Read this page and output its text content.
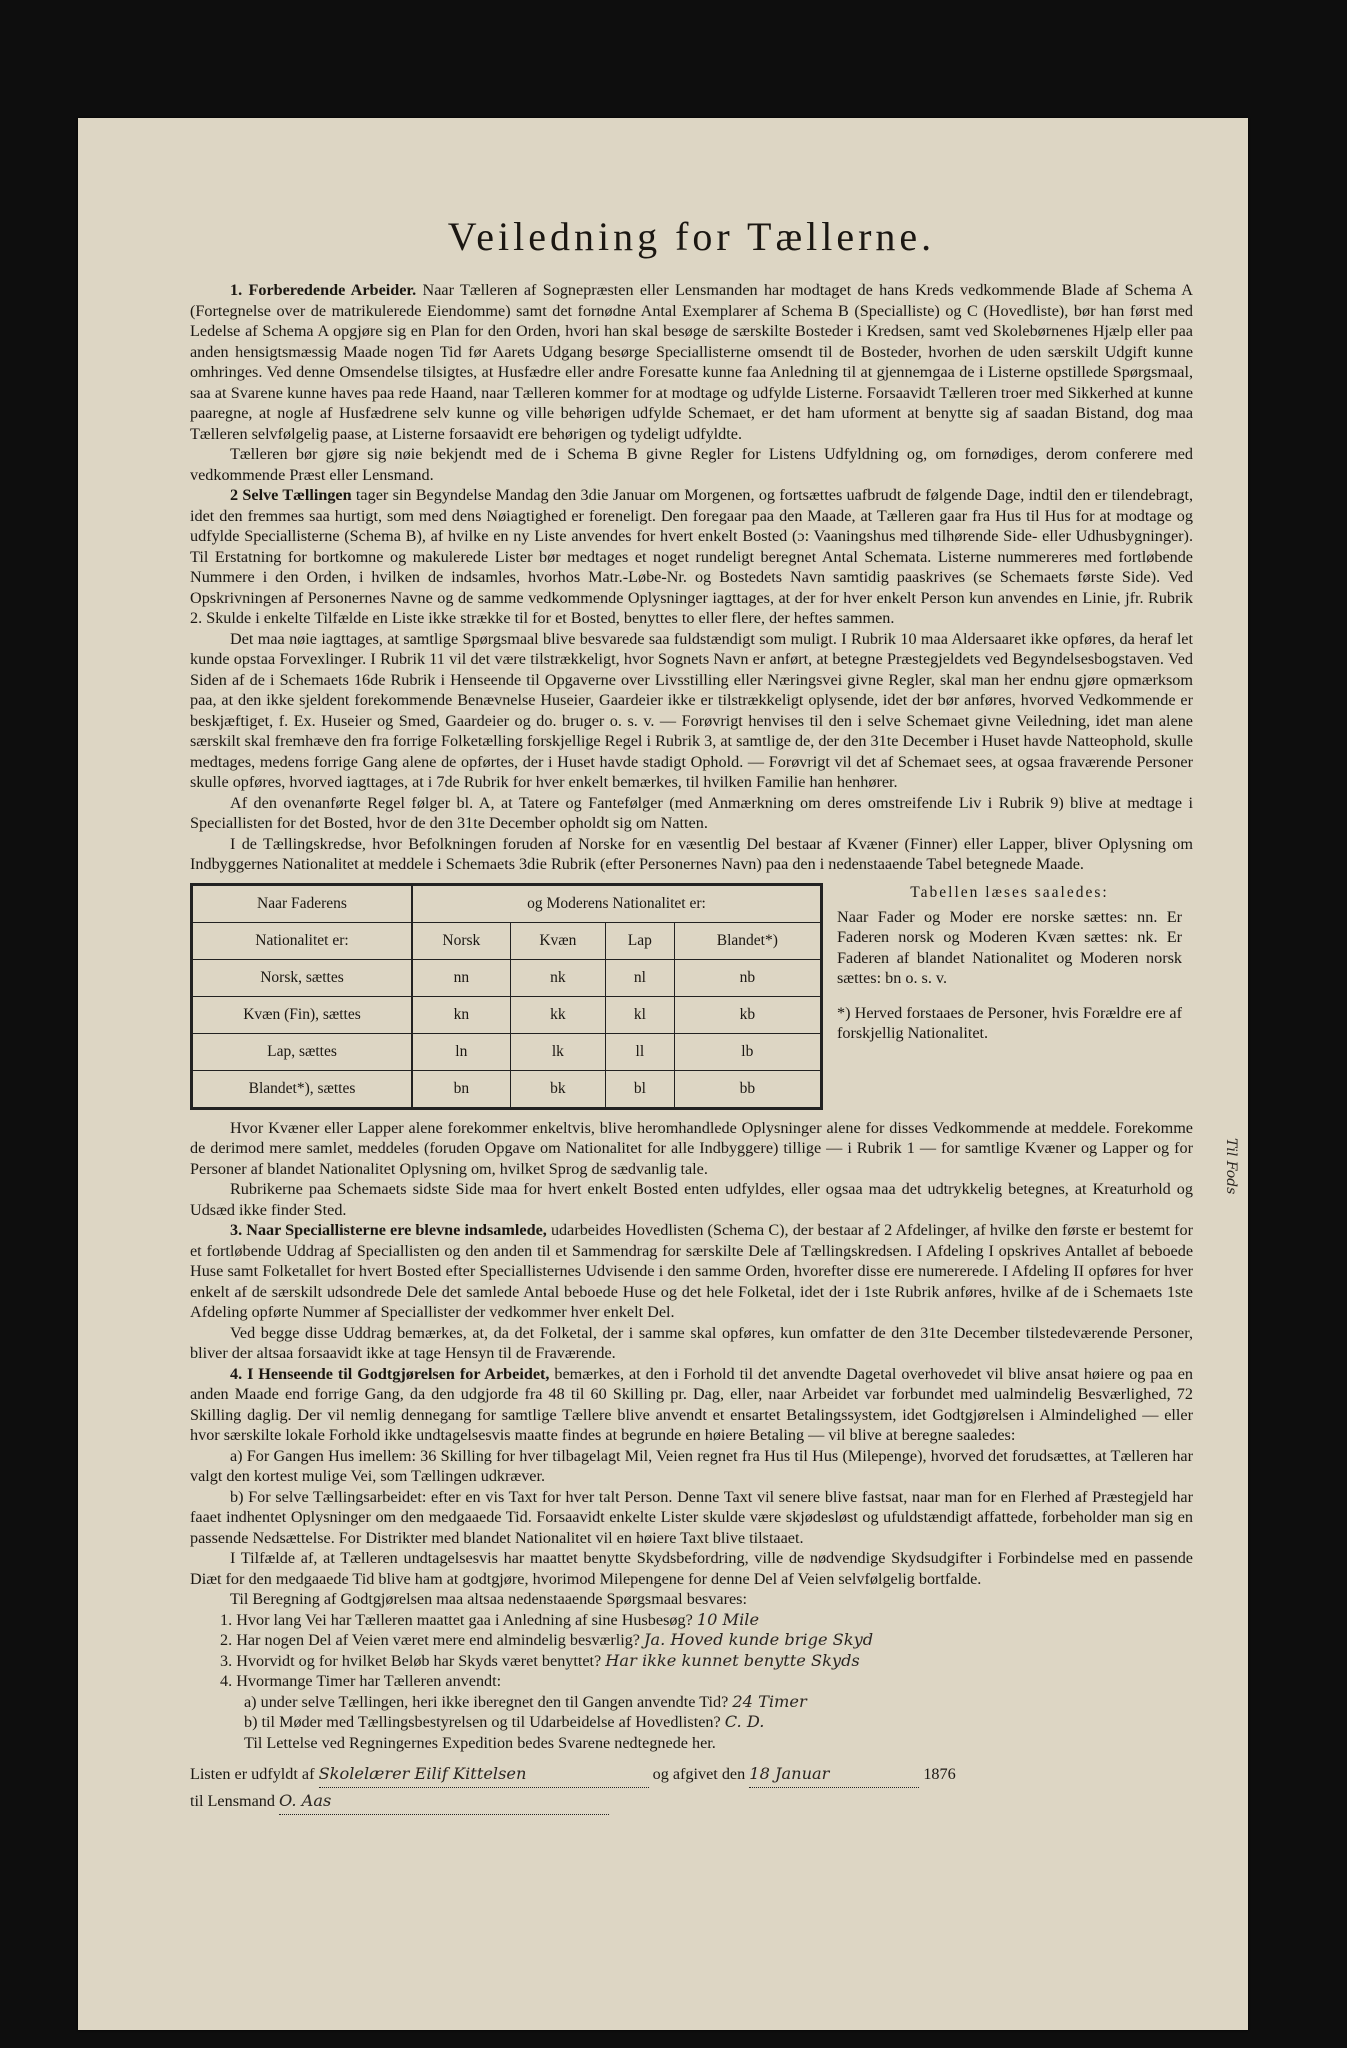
Veiledning for Tællerne.

1. Forberedende Arbeider. Naar Tælleren af Sognepræsten eller Lensmanden har modtaget de hans Kreds vedkommende Blade af Schema A (Fortegnelse over de matrikulerede Eiendomme) samt det fornødne Antal Exemplarer af Schema B (Specialliste) og C (Hovedliste), bør han først med Ledelse af Schema A opgjøre sig en Plan for den Orden, hvori han skal besøge de særskilte Bosteder i Kredsen, samt ved Skolebørnenes Hjælp eller paa anden hensigtsmæssig Maade nogen Tid før Aarets Udgang besørge Speciallisterne omsendt til de Bosteder, hvorhen de uden særskilt Udgift kunne omhringes. Ved denne Omsendelse tilsigtes, at Husfædre eller andre Foresatte kunne faa Anledning til at gjennemgaa de i Listerne opstillede Spørgsmaal, saa at Svarene kunne haves paa rede Haand, naar Tælleren kommer for at modtage og udfylde Listerne. Forsaavidt Tælleren troer med Sikkerhed at kunne paaregne, at nogle af Husfædrene selv kunne og ville behørigen udfylde Schemaet, er det ham uforment at benytte sig af saadan Bistand, dog maa Tælleren selvfølgelig paase, at Listerne forsaavidt ere behørigen og tydeligt udfyldte.

Tælleren bør gjøre sig nøie bekjendt med de i Schema B givne Regler for Listens Udfyldning og, om fornødiges, derom conferere med vedkommende Præst eller Lensmand.

2 Selve Tællingen tager sin Begyndelse Mandag den 3die Januar om Morgenen, og fortsættes uafbrudt de følgende Dage, indtil den er tilendebragt, idet den fremmes saa hurtigt, som med dens Nøiagtighed er foreneligt. Den foregaar paa den Maade, at Tælleren gaar fra Hus til Hus for at modtage og udfylde Speciallisterne (Schema B), af hvilke en ny Liste anvendes for hvert enkelt Bosted (ɔ: Vaaningshus med tilhørende Side- eller Udhusbygninger). Til Erstatning for bortkomne og makulerede Lister bør medtages et noget rundeligt beregnet Antal Schemata. Listerne nummereres med fortløbende Nummere i den Orden, i hvilken de indsamles, hvorhos Matr.-Løbe-Nr. og Bostedets Navn samtidig paaskrives (se Schemaets første Side). Ved Opskrivningen af Personernes Navne og de samme vedkommende Oplysninger iagttages, at der for hver enkelt Person kun anvendes en Linie, jfr. Rubrik 2. Skulde i enkelte Tilfælde en Liste ikke strække til for et Bosted, benyttes to eller flere, der heftes sammen.

Det maa nøie iagttages, at samtlige Spørgsmaal blive besvarede saa fuldstændigt som muligt. I Rubrik 10 maa Aldersaaret ikke opføres, da heraf let kunde opstaa Forvexlinger. I Rubrik 11 vil det være tilstrækkeligt, hvor Sognets Navn er anført, at betegne Præstegjeldets ved Begyndelsesbogstaven. Ved Siden af de i Schemaets 16de Rubrik i Henseende til Opgaverne over Livsstilling eller Næringsvei givne Regler, skal man her endnu gjøre opmærksom paa, at den ikke sjeldent forekommende Benævnelse Huseier, Gaardeier ikke er tilstrækkeligt oplysende, idet der bør anføres, hvorved Vedkommende er beskjæftiget, f. Ex. Huseier og Smed, Gaardeier og do. bruger o. s. v. — Forøvrigt henvises til den i selve Schemaet givne Veiledning, idet man alene særskilt skal fremhæve den fra forrige Folketælling forskjellige Regel i Rubrik 3, at samtlige de, der den 31te December i Huset havde Natteophold, skulle medtages, medens forrige Gang alene de opførtes, der i Huset havde stadigt Ophold. — Forøvrigt vil det af Schemaet sees, at ogsaa fraværende Personer skulle opføres, hvorved iagttages, at i 7de Rubrik for hver enkelt bemærkes, til hvilken Familie han henhører.

Af den ovenanførte Regel følger bl. A, at Tatere og Fantefølger (med Anmærkning om deres omstreifende Liv i Rubrik 9) blive at medtage i Speciallisten for det Bosted, hvor de den 31te December opholdt sig om Natten.

I de Tællingskredse, hvor Befolkningen foruden af Norske for en væsentlig Del bestaar af Kvæner (Finner) eller Lapper, bliver Oplysning om Indbyggernes Nationalitet at meddele i Schemaets 3die Rubrik (efter Personernes Navn) paa den i nedenstaaende Tabel betegnede Maade.

Naar Faderens	og Moderens Nationalitet er:			
Nationalitet er:	Norsk	Kvæn	Lap	Blandet*)
Norsk, sættes	nn	nk	nl	nb
Kvæn (Fin), sættes	kn	kk	kl	kb
Lap, sættes	ln	lk	ll	lb
Blandet*), sættes	bn	bk	bl	bb
Tabellen læses saaledes:

Naar Fader og Moder ere norske sættes: nn. Er Faderen norsk og Moderen Kvæn sættes: nk. Er Faderen af blandet Nationalitet og Moderen norsk sættes: bn o. s. v.

*) Herved forstaaes de Personer, hvis Forældre ere af forskjellig Nationalitet.

Hvor Kvæner eller Lapper alene forekommer enkeltvis, blive heromhandlede Oplysninger alene for disses Vedkommende at meddele. Forekomme de derimod mere samlet, meddeles (foruden Opgave om Nationalitet for alle Indbyggere) tillige — i Rubrik 1 — for samtlige Kvæner og Lapper og for Personer af blandet Nationalitet Oplysning om, hvilket Sprog de sædvanlig tale.

Rubrikerne paa Schemaets sidste Side maa for hvert enkelt Bosted enten udfyldes, eller ogsaa maa det udtrykkelig betegnes, at Kreaturhold og Udsæd ikke finder Sted.

3. Naar Speciallisterne ere blevne indsamlede, udarbeides Hovedlisten (Schema C), der bestaar af 2 Afdelinger, af hvilke den første er bestemt for et fortløbende Uddrag af Speciallisten og den anden til et Sammendrag for særskilte Dele af Tællingskredsen. I Afdeling I opskrives Antallet af beboede Huse samt Folketallet for hvert Bosted efter Speciallisternes Udvisende i den samme Orden, hvorefter disse ere numererede. I Afdeling II opføres for hver enkelt af de særskilt udsondrede Dele det samlede Antal beboede Huse og det hele Folketal, idet der i 1ste Rubrik anføres, hvilke af de i Schemaets 1ste Afdeling opførte Nummer af Speciallister der vedkommer hver enkelt Del.

Ved begge disse Uddrag bemærkes, at, da det Folketal, der i samme skal opføres, kun omfatter de den 31te December tilstedeværende Personer, bliver der altsaa forsaavidt ikke at tage Hensyn til de Fraværende.

4. I Henseende til Godtgjørelsen for Arbeidet, bemærkes, at den i Forhold til det anvendte Dagetal overhovedet vil blive ansat høiere og paa en anden Maade end forrige Gang, da den udgjorde fra 48 til 60 Skilling pr. Dag, eller, naar Arbeidet var forbundet med ualmindelig Besværlighed, 72 Skilling daglig. Der vil nemlig dennegang for samtlige Tællere blive anvendt et ensartet Betalingssystem, idet Godtgjørelsen i Almindelighed — eller hvor særskilte lokale Forhold ikke undtagelsesvis maatte findes at begrunde en høiere Betaling — vil blive at beregne saaledes:

a) For Gangen Hus imellem: 36 Skilling for hver tilbagelagt Mil, Veien regnet fra Hus til Hus (Milepenge), hvorved det forudsættes, at Tælleren har valgt den kortest mulige Vei, som Tællingen udkræver.

b) For selve Tællingsarbeidet: efter en vis Taxt for hver talt Person. Denne Taxt vil senere blive fastsat, naar man for en Flerhed af Præstegjeld har faaet indhentet Oplysninger om den medgaaede Tid. Forsaavidt enkelte Lister skulde være skjødesløst og ufuldstændigt affattede, forbeholder man sig en passende Nedsættelse. For Distrikter med blandet Nationalitet vil en høiere Taxt blive tilstaaet.

I Tilfælde af, at Tælleren undtagelsesvis har maattet benytte Skydsbefordring, ville de nødvendige Skydsudgifter i Forbindelse med en passende Diæt for den medgaaede Tid blive ham at godtgjøre, hvorimod Milepengene for denne Del af Veien selvfølgelig bortfalde.

Til Beregning af Godtgjørelsen maa altsaa nedenstaaende Spørgsmaal besvares:

1. Hvor lang Vei har Tælleren maattet gaa i Anledning af sine Husbesøg? 10 Mile
2. Har nogen Del af Veien været mere end almindelig besværlig? Ja. Hoved kunde brige Skyd
3. Hvorvidt og for hvilket Beløb har Skyds været benyttet? Har ikke kunnet benytte Skyds
4. Hvormange Timer har Tælleren anvendt:
a) under selve Tællingen, heri ikke iberegnet den til Gangen anvendte Tid? 24 Timer
b) til Møder med Tællingsbestyrelsen og til Udarbeidelse af Hovedlisten? C. D.
Til Lettelse ved Regningernes Expedition bedes Svarene nedtegnede her.
Listen er udfyldt af Skolelærer Eilif Kittelsen	og afgivet den 18 Januar	1876
til Lensmand O. Aas
Til Fods
